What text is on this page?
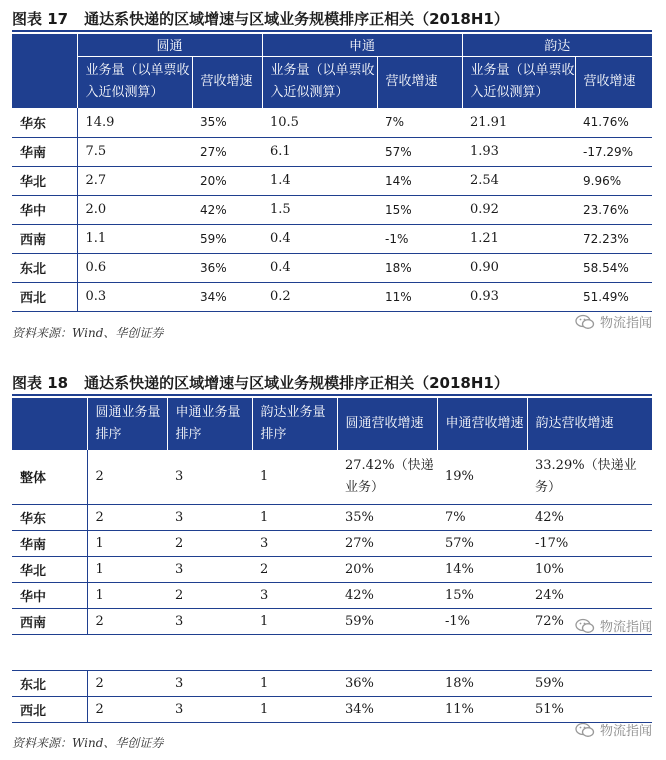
图表 17 通达系快递的区域增速与区域业务规模排序正相关（2018H1）
	圆通		申通		韵达	
	业务量（以单票收入近似测算）	营收增速	业务量（以单票收入近似测算）	营收增速	业务量（以单票收入近似测算）	营收增速
华东	14.9	35%	10.5	7%	21.91	41.76%
华南	7.5	27%	6.1	57%	1.93	-17.29%
华北	2.7	20%	1.4	14%	2.54	9.96%
华中	2.0	42%	1.5	15%	0.92	23.76%
西南	1.1	59%	0.4	-1%	1.21	72.23%
东北	0.6	36%	0.4	18%	0.90	58.54%
西北	0.3	34%	0.2	11%	0.93	51.49%
资料来源：Wind、华创证券
物流指闻
图表 18 通达系快递的区域增速与区域业务规模排序正相关（2018H1）
	圆通业务量排序	申通业务量排序	韵达业务量排序	圆通营收增速	申通营收增速	韵达营收增速
整体	2	3	1	27.42%（快递业务）	19%	33.29%（快递业务）
华东	2	3	1	35%	7%	42%
华南	1	2	3	27%	57%	-17%
华北	1	3	2	20%	14%	10%
华中	1	2	3	42%	15%	24%
西南	2	3	1	59%	-1%	72%	物流指闻
东北	2	3	1	36%	18%	59%
西北	2	3	1	34%	11%	51%
资料来源：Wind、华创证券
物流指闻
